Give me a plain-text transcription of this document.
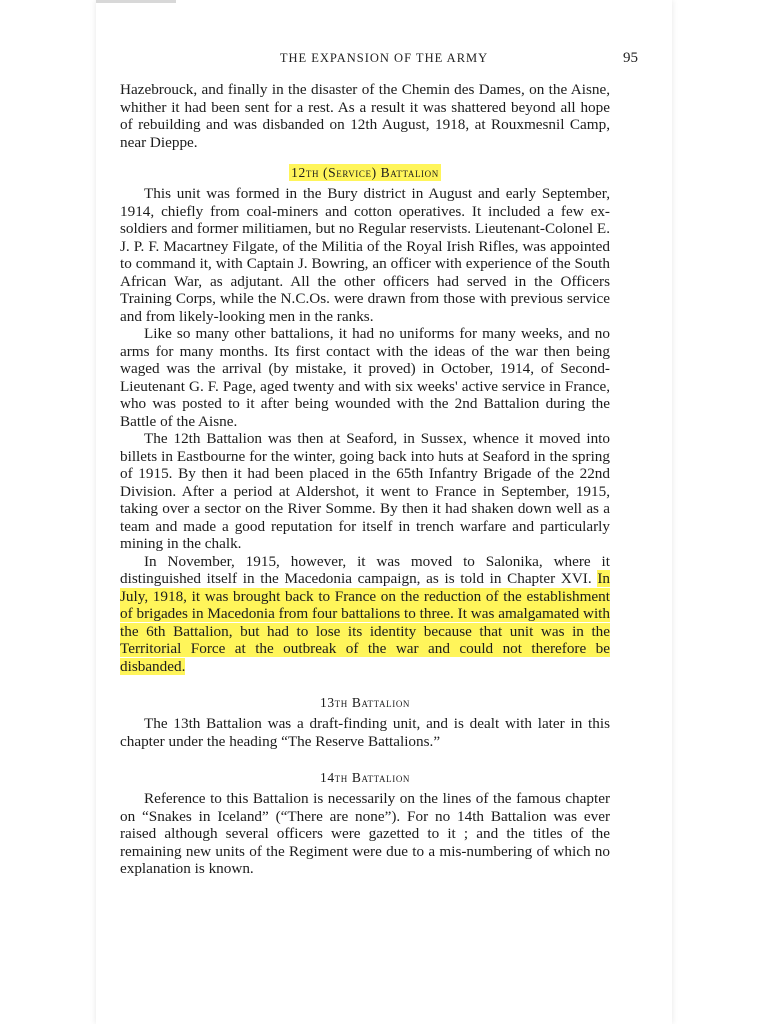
THE EXPANSION OF THE ARMY	95

Hazebrouck, and finally in the disaster of the Chemin des Dames, on the Aisne, whither it had been sent for a rest. As a result it was shattered beyond all hope of rebuilding and was disbanded on 12th August, 1918, at Rouxmesnil Camp, near Dieppe.

12th (Service) Battalion

This unit was formed in the Bury district in August and early September, 1914, chiefly from coal-miners and cotton operatives. It included a few ex-soldiers and former militiamen, but no Regular reservists. Lieutenant-Colonel E. J. P. F. Macartney Filgate, of the Militia of the Royal Irish Rifles, was appointed to command it, with Captain J. Bowring, an officer with experience of the South African War, as adjutant. All the other officers had served in the Officers Training Corps, while the N.C.Os. were drawn from those with previous service and from likely-looking men in the ranks.

Like so many other battalions, it had no uniforms for many weeks, and no arms for many months. Its first contact with the ideas of the war then being waged was the arrival (by mistake, it proved) in October, 1914, of Second-Lieutenant G. F. Page, aged twenty and with six weeks' active service in France, who was posted to it after being wounded with the 2nd Battalion during the Battle of the Aisne.

The 12th Battalion was then at Seaford, in Sussex, whence it moved into billets in Eastbourne for the winter, going back into huts at Seaford in the spring of 1915. By then it had been placed in the 65th Infantry Brigade of the 22nd Division. After a period at Aldershot, it went to France in September, 1915, taking over a sector on the River Somme. By then it had shaken down well as a team and made a good reputation for itself in trench warfare and particularly mining in the chalk.

In November, 1915, however, it was moved to Salonika, where it distinguished itself in the Macedonia campaign, as is told in Chapter XVI. In July, 1918, it was brought back to France on the reduction of the establishment of brigades in Macedonia from four battalions to three. It was amalgamated with the 6th Battalion, but had to lose its identity because that unit was in the Territorial Force at the outbreak of the war and could not therefore be disbanded.

13th Battalion

The 13th Battalion was a draft-finding unit, and is dealt with later in this chapter under the heading “The Reserve Battalions.”

14th Battalion

Reference to this Battalion is necessarily on the lines of the famous chapter on “Snakes in Iceland” (“There are none”). For no 14th Battalion was ever raised although several officers were gazetted to it ; and the titles of the remaining new units of the Regiment were due to a mis-numbering of which no explanation is known.
